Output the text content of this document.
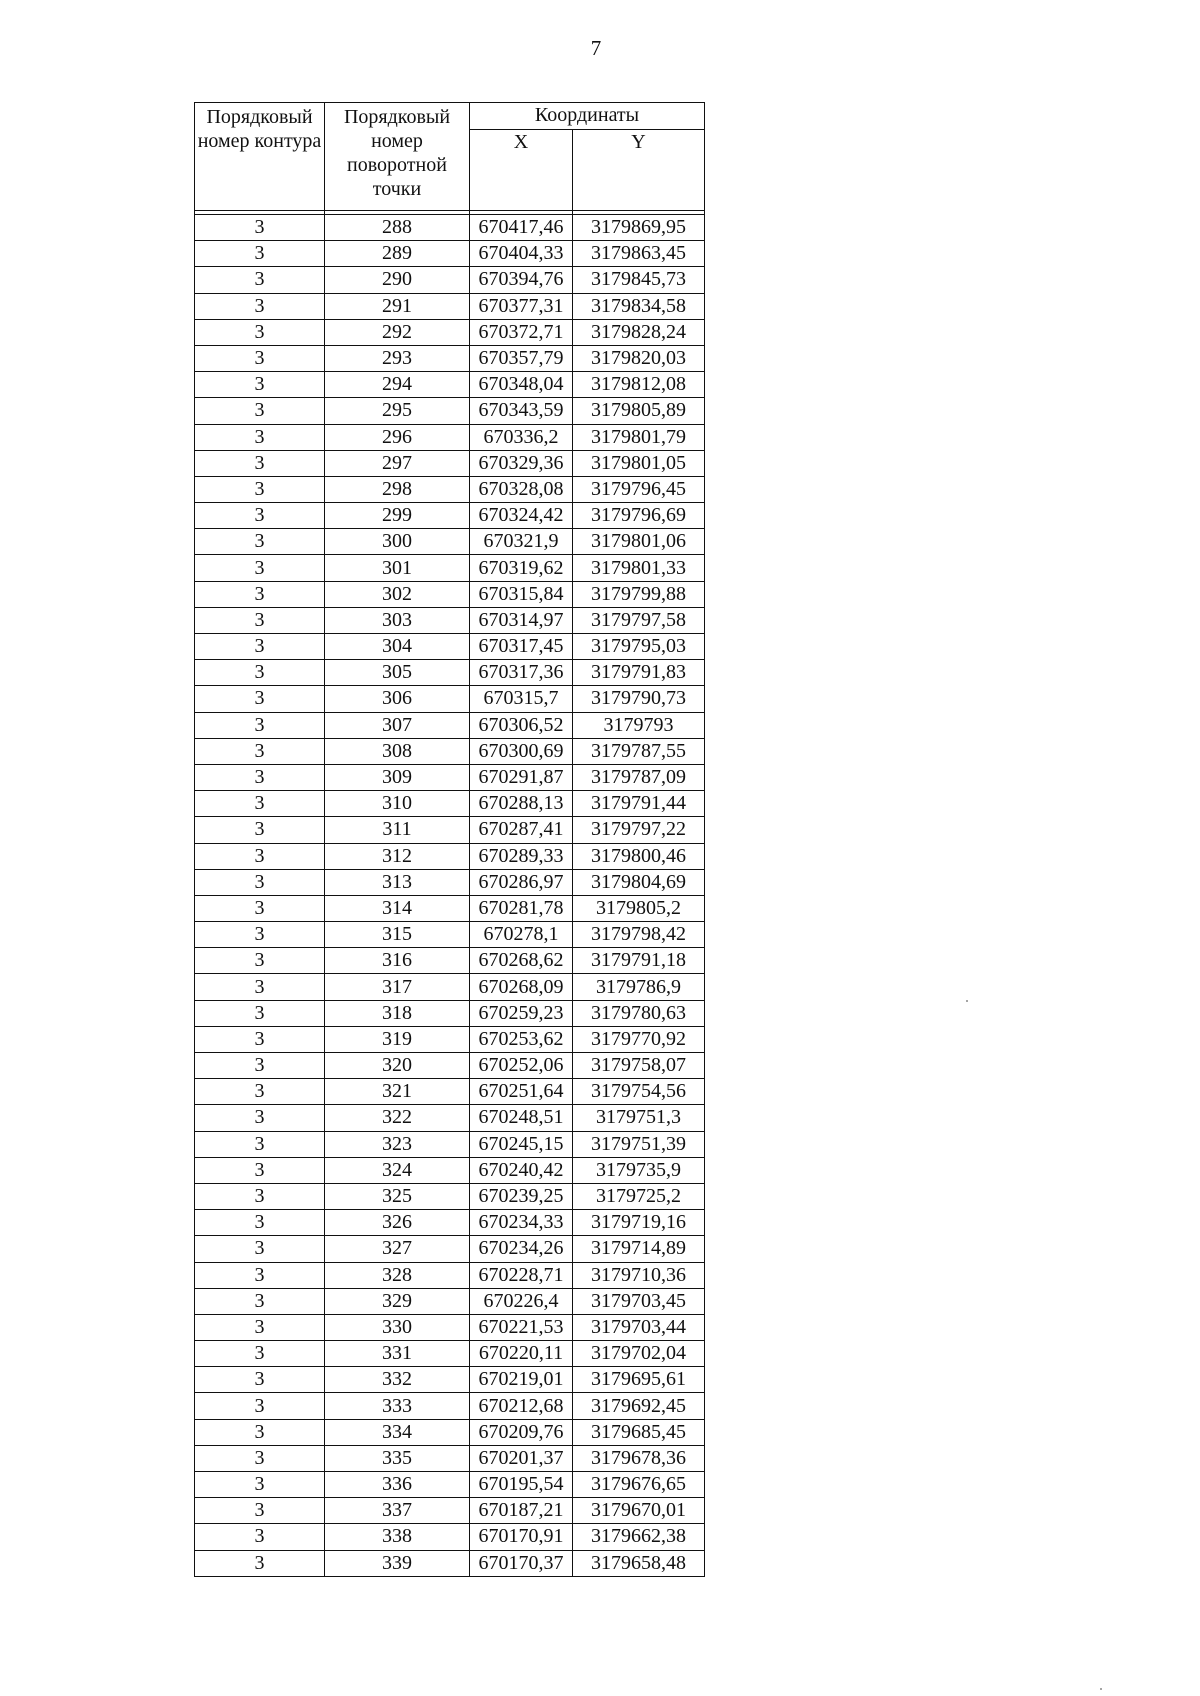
7
Порядковый номер контура	Порядковый номер поворотной точки	Координаты	
		X	Y

3	288	670417,46	3179869,95
3	289	670404,33	3179863,45
3	290	670394,76	3179845,73
3	291	670377,31	3179834,58
3	292	670372,71	3179828,24
3	293	670357,79	3179820,03
3	294	670348,04	3179812,08
3	295	670343,59	3179805,89
3	296	670336,2	3179801,79
3	297	670329,36	3179801,05
3	298	670328,08	3179796,45
3	299	670324,42	3179796,69
3	300	670321,9	3179801,06
3	301	670319,62	3179801,33
3	302	670315,84	3179799,88
3	303	670314,97	3179797,58
3	304	670317,45	3179795,03
3	305	670317,36	3179791,83
3	306	670315,7	3179790,73
3	307	670306,52	3179793
3	308	670300,69	3179787,55
3	309	670291,87	3179787,09
3	310	670288,13	3179791,44
3	311	670287,41	3179797,22
3	312	670289,33	3179800,46
3	313	670286,97	3179804,69
3	314	670281,78	3179805,2
3	315	670278,1	3179798,42
3	316	670268,62	3179791,18
3	317	670268,09	3179786,9
3	318	670259,23	3179780,63
3	319	670253,62	3179770,92
3	320	670252,06	3179758,07
3	321	670251,64	3179754,56
3	322	670248,51	3179751,3
3	323	670245,15	3179751,39
3	324	670240,42	3179735,9
3	325	670239,25	3179725,2
3	326	670234,33	3179719,16
3	327	670234,26	3179714,89
3	328	670228,71	3179710,36
3	329	670226,4	3179703,45
3	330	670221,53	3179703,44
3	331	670220,11	3179702,04
3	332	670219,01	3179695,61
3	333	670212,68	3179692,45
3	334	670209,76	3179685,45
3	335	670201,37	3179678,36
3	336	670195,54	3179676,65
3	337	670187,21	3179670,01
3	338	670170,91	3179662,38
3	339	670170,37	3179658,48
